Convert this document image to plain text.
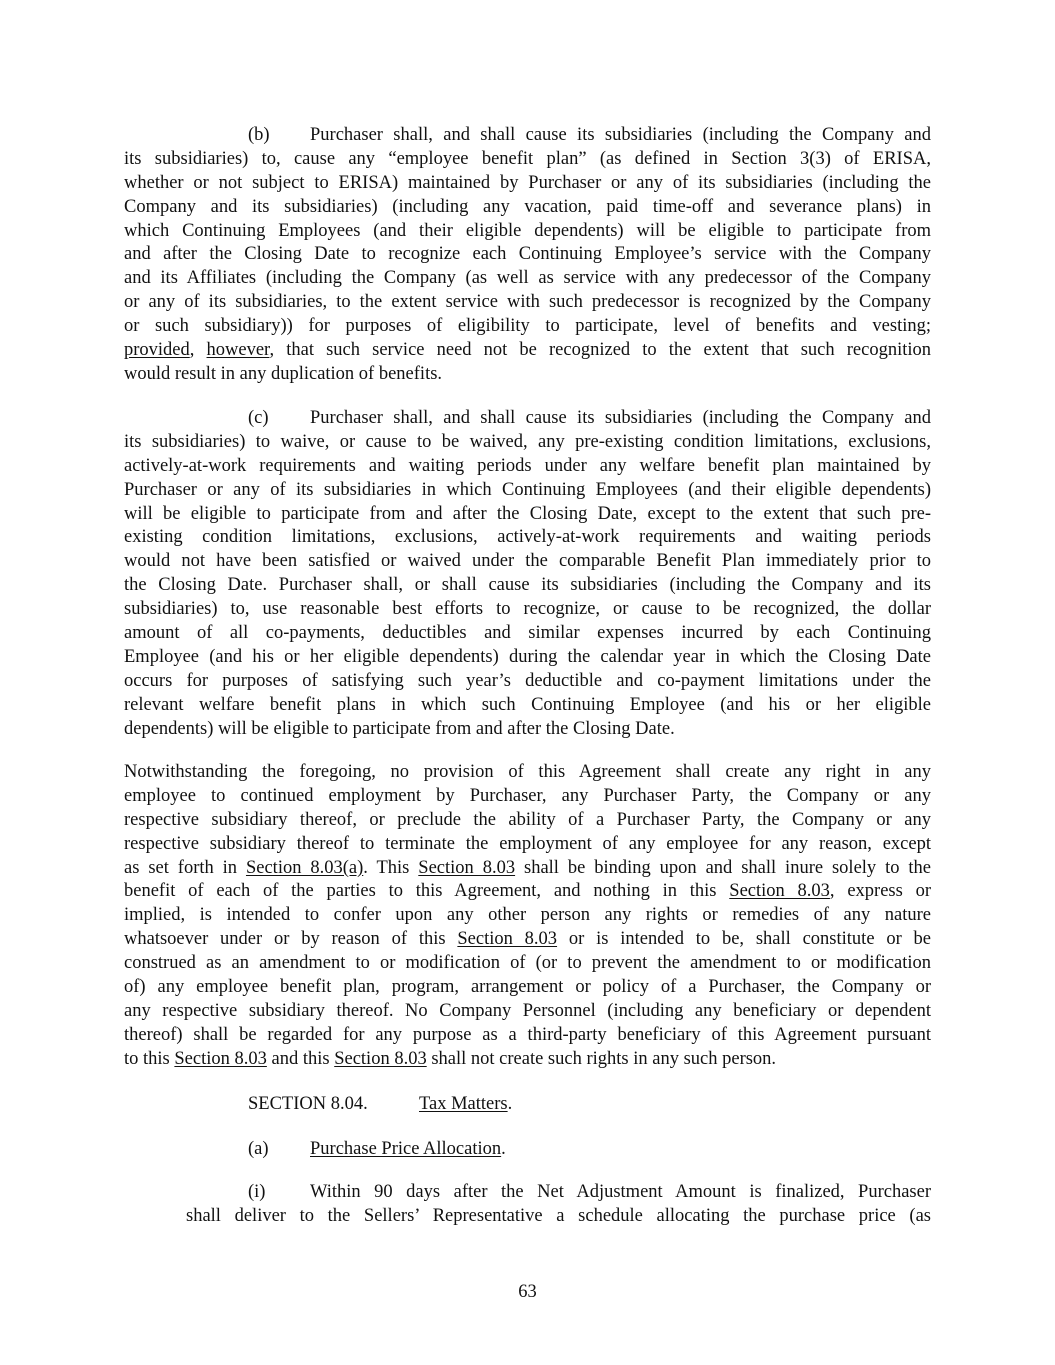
(b) Purchaser shall, and shall cause its subsidiaries (including the Company and
its subsidiaries) to, cause any “employee benefit plan” (as defined in Section 3(3) of ERISA,
whether or not subject to ERISA) maintained by Purchaser or any of its subsidiaries (including the
Company and its subsidiaries) (including any vacation, paid time-off and severance plans) in
which Continuing Employees (and their eligible dependents) will be eligible to participate from
and after the Closing Date to recognize each Continuing Employee’s service with the Company
and its Affiliates (including the Company (as well as service with any predecessor of the Company
or any of its subsidiaries, to the extent service with such predecessor is recognized by the Company
or such subsidiary)) for purposes of eligibility to participate, level of benefits and vesting;
provided, however, that such service need not be recognized to the extent that such recognition
would result in any duplication of benefits.
(c) Purchaser shall, and shall cause its subsidiaries (including the Company and
its subsidiaries) to waive, or cause to be waived, any pre-existing condition limitations, exclusions,
actively-at-work requirements and waiting periods under any welfare benefit plan maintained by
Purchaser or any of its subsidiaries in which Continuing Employees (and their eligible dependents)
will be eligible to participate from and after the Closing Date, except to the extent that such pre-
existing condition limitations, exclusions, actively-at-work requirements and waiting periods
would not have been satisfied or waived under the comparable Benefit Plan immediately prior to
the Closing Date. Purchaser shall, or shall cause its subsidiaries (including the Company and its
subsidiaries) to, use reasonable best efforts to recognize, or cause to be recognized, the dollar
amount of all co-payments, deductibles and similar expenses incurred by each Continuing
Employee (and his or her eligible dependents) during the calendar year in which the Closing Date
occurs for purposes of satisfying such year’s deductible and co-payment limitations under the
relevant welfare benefit plans in which such Continuing Employee (and his or her eligible
dependents) will be eligible to participate from and after the Closing Date.
Notwithstanding the foregoing, no provision of this Agreement shall create any right in any
employee to continued employment by Purchaser, any Purchaser Party, the Company or any
respective subsidiary thereof, or preclude the ability of a Purchaser Party, the Company or any
respective subsidiary thereof to terminate the employment of any employee for any reason, except
as set forth in Section 8.03(a). This Section 8.03 shall be binding upon and shall inure solely to the
benefit of each of the parties to this Agreement, and nothing in this Section 8.03, express or
implied, is intended to confer upon any other person any rights or remedies of any nature
whatsoever under or by reason of this Section 8.03 or is intended to be, shall constitute or be
construed as an amendment to or modification of (or to prevent the amendment to or modification
of) any employee benefit plan, program, arrangement or policy of a Purchaser, the Company or
any respective subsidiary thereof. No Company Personnel (including any beneficiary or dependent
thereof) shall be regarded for any purpose as a third-party beneficiary of this Agreement pursuant
to this Section 8.03 and this Section 8.03 shall not create such rights in any such person.
SECTION 8.04.	Tax Matters.
(a) Purchase Price Allocation.
(i) Within 90 days after the Net Adjustment Amount is finalized, Purchaser
shall deliver to the Sellers’ Representative a schedule allocating the purchase price (as
63
